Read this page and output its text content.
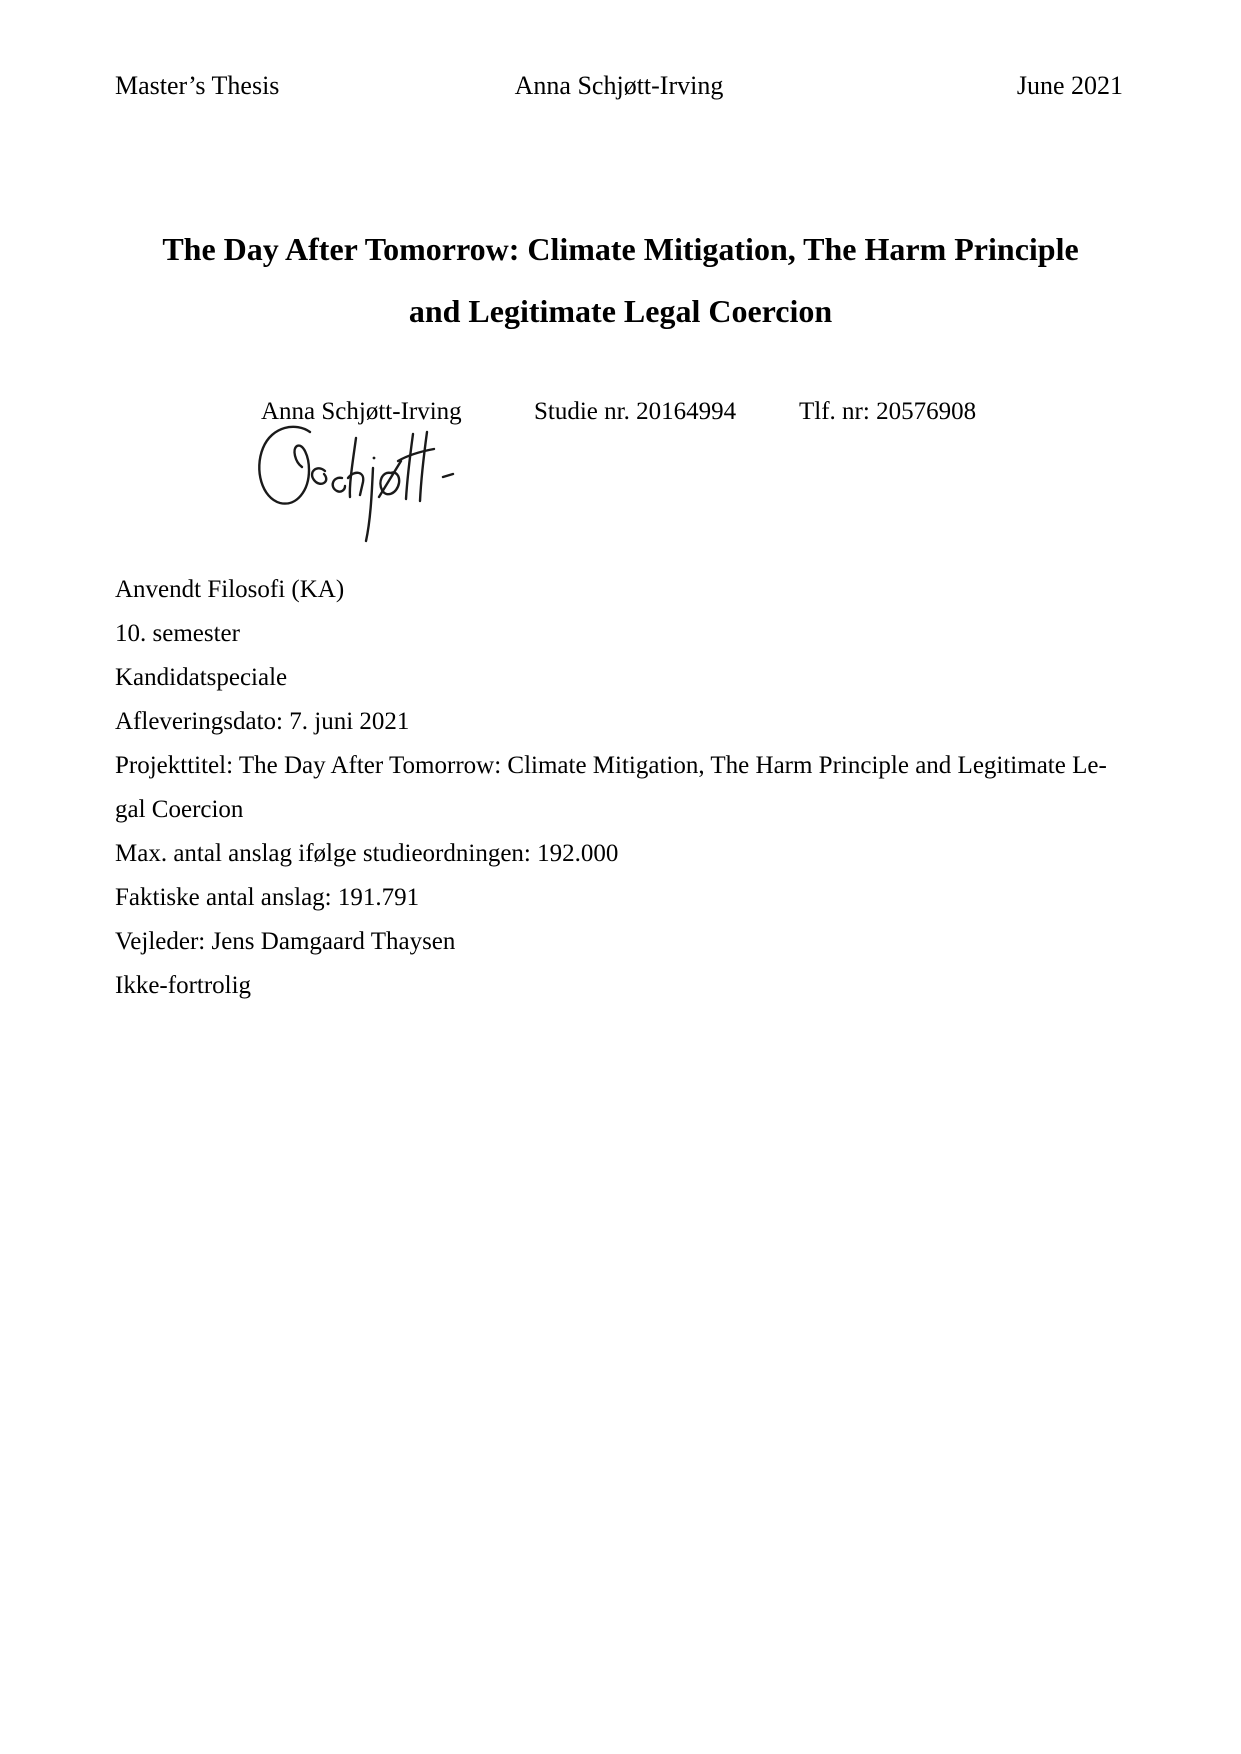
Master’s Thesis	Anna Schjøtt-Irving	June 2021
The Day After Tomorrow: Climate Mitigation, The Harm Principle
and Legitimate Legal Coercion
Anna Schjøtt-Irving	Studie nr. 20164994	Tlf. nr: 20576908
Anvendt Filosofi (KA)
10. semester
Kandidatspeciale
Afleveringsdato: 7. juni 2021
Projekttitel: The Day After Tomorrow: Climate Mitigation, The Harm Principle and Legitimate Le-
gal Coercion
Max. antal anslag ifølge studieordningen: 192.000
Faktiske antal anslag: 191.791
Vejleder: Jens Damgaard Thaysen
Ikke-fortrolig
